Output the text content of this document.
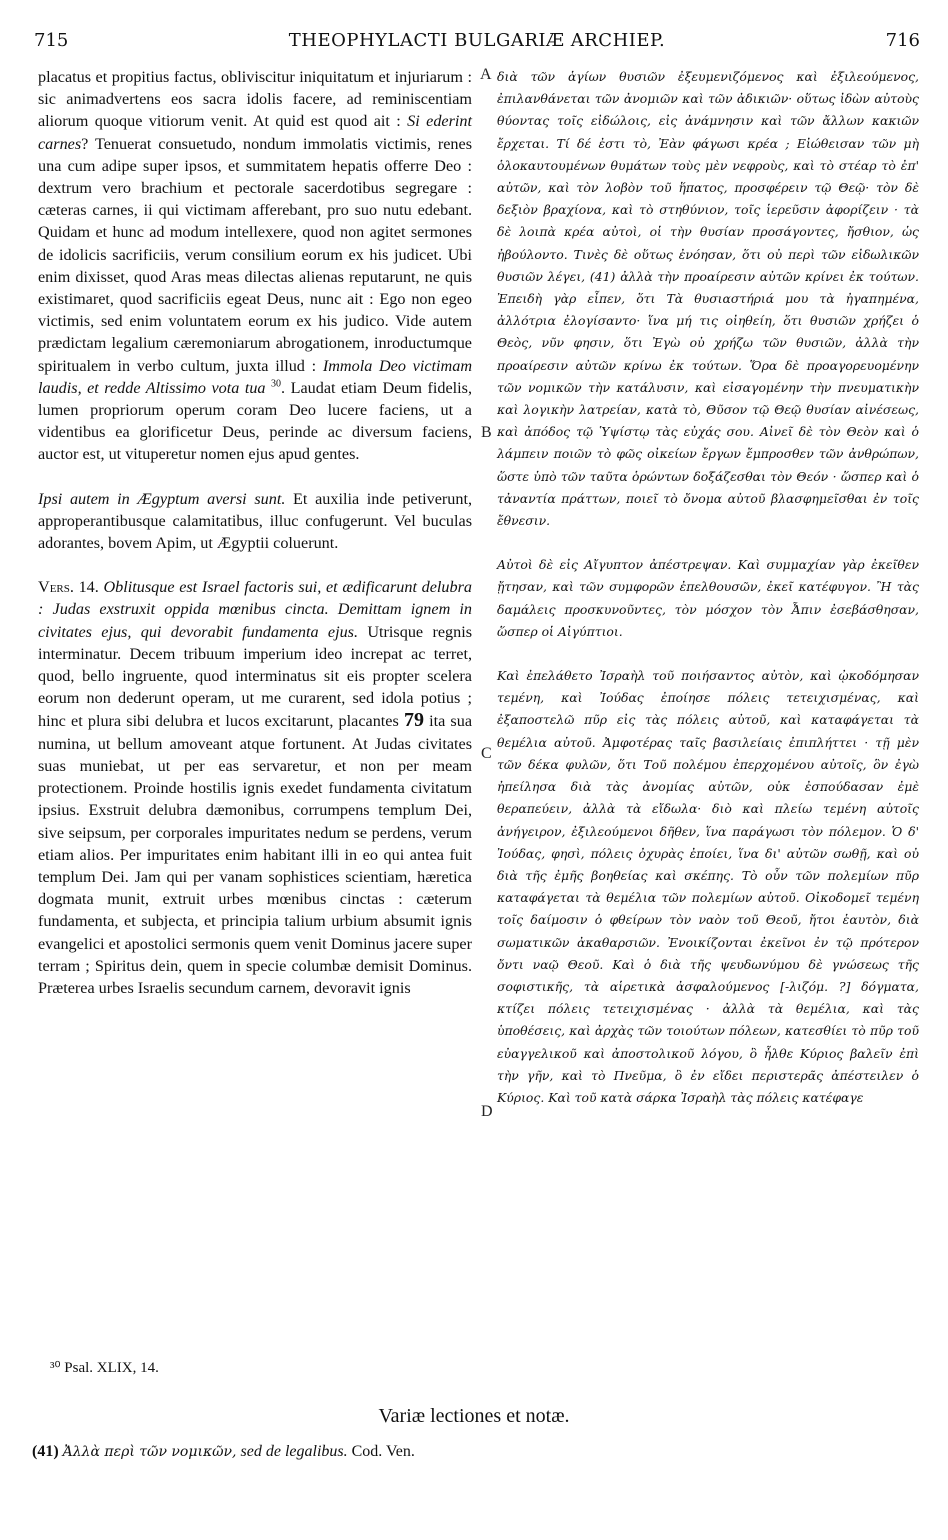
715	THEOPHYLACTI BULGARIÆ ARCHIEP.	716

placatus et propitius factus, obliviscitur iniquitatum et injuriarum : sic animadvertens eos sacra idolis facere, ad reminiscentiam aliorum quoque vitiorum venit. At quid est quod ait : Si ederint carnes? Tenuerat consuetudo, nondum immolatis victimis, renes una cum adipe super ipsos, et summitatem hepatis offerre Deo : dextrum vero brachium et pectorale sacerdotibus segregare : cæteras carnes, ii qui victimam afferebant, pro suo nutu edebant. Quidam et hunc ad modum intellexere, quod non agitet sermones de idolicis sacrificiis, verum consilium eorum ex his judicet. Ubi enim dixisset, quod Aras meas dilectas alienas reputarunt, ne quis existimaret, quod sacrificiis egeat Deus, nunc ait : Ego non egeo victimis, sed enim voluntatem eorum ex his judico. Vide autem prædictam legalium cæremoniarum abrogationem, inroductumque spiritualem in verbo cultum, juxta illud : Immola Deo victimam laudis, et redde Altissimo vota tua $^{30}$. Laudat etiam Deum fidelis, lumen propriorum operum coram Deo lucere faciens, ut a videntibus ea glorificetur Deus, perinde ac diversum faciens, auctor est, ut vituperetur nomen ejus apud gentes.

Ipsi autem in Ægyptum aversi sunt. Et auxilia inde petiverunt, approperantibusque calamitatibus, illuc confugerunt. Vel buculas adorantes, bovem Apim, ut Ægyptii coluerunt.

Vers. 14. Oblitusque est Israel factoris sui, et ædificarunt delubra : Judas exstruxit oppida mœnibus cincta. Demittam ignem in civitates ejus, qui devorabit fundamenta ejus. Utrisque regnis interminatur. Decem tribuum imperium ideo increpat ac terret, quod, bello ingruente, quod interminatus sit eis propter scelera eorum non dederunt operam, ut me curarent, sed idola potius ; hinc et plura sibi delubra et lucos excitarunt, placantes 79 ita sua numina, ut bellum amoveant atque fortunent. At Judas civitates suas muniebat, ut per eas servaretur, et non per meam protectionem. Proinde hostilis ignis exedet fundamenta civitatum ipsius. Exstruit delubra dæmonibus, corrumpens templum Dei, sive seipsum, per corporales impuritates nedum se perdens, verum etiam alios. Per impuritates enim habitant illi in eo qui antea fuit templum Dei. Jam qui per vanam sophistices scientiam, hæretica dogmata munit, extruit urbes mœnibus cinctas : cæterum fundamenta, et subjecta, et principia talium urbium absumit ignis evangelici et apostolici sermonis quem venit Dominus jacere super terram ; Spiritus dein, quem in specie columbæ demisit Dominus. Præterea urbes Israelis secundum carnem, devoravit ignis

A
B
C
D

διὰ τῶν ἁγίων θυσιῶν ἐξευμενιζόμενος καὶ ἐξιλεούμενος, ἐπιλανθάνεται τῶν ἀνομιῶν καὶ τῶν ἀδικιῶν· οὕτως ἰδὼν αὐτοὺς θύοντας τοῖς εἰδώλοις, εἰς ἀνάμνησιν καὶ τῶν ἄλλων κακιῶν ἔρχεται. Τί δέ ἐστι τὸ, Ἐὰν φάγωσι κρέα ; Εἰώθεισαν τῶν μὴ ὁλοκαυτουμένων θυμάτων τοὺς μὲν νεφροὺς, καὶ τὸ στέαρ τὸ ἐπ' αὐτῶν, καὶ τὸν λοβὸν τοῦ ἥπατος, προσφέρειν τῷ Θεῷ· τὸν δὲ δεξιὸν βραχίονα, καὶ τὸ στηθύνιον, τοῖς ἱερεῦσιν ἀφορίζειν · τὰ δὲ λοιπὰ κρέα αὐτοὶ, οἱ τὴν θυσίαν προσάγοντες, ἤσθιον, ὡς ἠβούλοντο. Τινὲς δὲ οὕτως ἐνόησαν, ὅτι οὐ περὶ τῶν εἰδωλικῶν θυσιῶν λέγει, (41) ἀλλὰ τὴν προαίρεσιν αὐτῶν κρίνει ἐκ τούτων. Ἐπειδὴ γὰρ εἶπεν, ὅτι Τὰ θυσιαστήριά μου τὰ ἠγαπημένα, ἀλλότρια ἐλογίσαντο· ἵνα μή τις οἰηθείη, ὅτι θυσιῶν χρήζει ὁ Θεὸς, νῦν φησιν, ὅτι Ἐγὼ οὐ χρήζω τῶν θυσιῶν, ἀλλὰ τὴν προαίρεσιν αὐτῶν κρίνω ἐκ τούτων. Ὅρα δὲ προαγορευομένην τῶν νομικῶν τὴν κατάλυσιν, καὶ εἰσαγομένην τὴν πνευματικὴν καὶ λογικὴν λατρείαν, κατὰ τὸ, Θῦσον τῷ Θεῷ θυσίαν αἰνέσεως, καὶ ἀπόδος τῷ Ὑψίστῳ τὰς εὐχάς σου. Αἰνεῖ δὲ τὸν Θεὸν καὶ ὁ λάμπειν ποιῶν τὸ φῶς οἰκείων ἔργων ἔμπροσθεν τῶν ἀνθρώπων, ὥστε ὑπὸ τῶν ταῦτα ὁρώντων δοξάζεσθαι τὸν Θεόν · ὥσπερ καὶ ὁ τἀναντία πράττων, ποιεῖ τὸ ὄνομα αὐτοῦ βλασφημεῖσθαι ἐν τοῖς ἔθνεσιν.

Αὐτοὶ δὲ εἰς Αἴγυπτον ἀπέστρεψαν. Καὶ συμμαχίαν γὰρ ἐκεῖθεν ᾔτησαν, καὶ τῶν συμφορῶν ἐπελθουσῶν, ἐκεῖ κατέφυγον. Ἢ τὰς δαμάλεις προσκυνοῦντες, τὸν μόσχον τὸν Ἆπιν ἐσεβάσθησαν, ὥσπερ οἱ Αἰγύπτιοι.

Καὶ ἐπελάθετο Ἰσραὴλ τοῦ ποιήσαντος αὐτὸν, καὶ ᾠκοδόμησαν τεμένη, καὶ Ἰούδας ἐποίησε πόλεις τετειχισμένας, καὶ ἐξαποστελῶ πῦρ εἰς τὰς πόλεις αὐτοῦ, καὶ καταφάγεται τὰ θεμέλια αὐτοῦ. Ἀμφοτέρας ταῖς βασιλείαις ἐπιπλήττει · τῇ μὲν τῶν δέκα φυλῶν, ὅτι Τοῦ πολέμου ἐπερχομένου αὐτοῖς, ὃν ἐγὼ ἠπείλησα διὰ τὰς ἀνομίας αὐτῶν, οὐκ ἐσπούδασαν ἐμὲ θεραπεύειν, ἀλλὰ τὰ εἴδωλα· διὸ καὶ πλείω τεμένη αὐτοῖς ἀνήγειρον, ἐξιλεούμενοι δῆθεν, ἵνα παράγωσι τὸν πόλεμον. Ὁ δ' Ἰούδας, φησὶ, πόλεις ὀχυρὰς ἐποίει, ἵνα δι' αὐτῶν σωθῇ, καὶ οὐ διὰ τῆς ἐμῆς βοηθείας καὶ σκέπης. Τὸ οὖν τῶν πολεμίων πῦρ καταφάγεται τὰ θεμέλια τῶν πολεμίων αὐτοῦ. Οἰκοδομεῖ τεμένη τοῖς δαίμοσιν ὁ φθείρων τὸν ναὸν τοῦ Θεοῦ, ἤτοι ἑαυτὸν, διὰ σωματικῶν ἀκαθαρσιῶν. Ἐνοικίζονται ἐκεῖνοι ἐν τῷ πρότερον ὄντι ναῷ Θεοῦ. Καὶ ὁ διὰ τῆς ψευδωνύμου δὲ γνώσεως τῆς σοφιστικῆς, τὰ αἱρετικὰ ἀσφαλούμενος [-λιζόμ. ?] δόγματα, κτίζει πόλεις τετειχισμένας · ἀλλὰ τὰ θεμέλια, καὶ τὰς ὑποθέσεις, καὶ ἀρχὰς τῶν τοιούτων πόλεων, κατεσθίει τὸ πῦρ τοῦ εὐαγγελικοῦ καὶ ἀποστολικοῦ λόγου, ὃ ἦλθε Κύριος βαλεῖν ἐπὶ τὴν γῆν, καὶ τὸ Πνεῦμα, ὃ ἐν εἴδει περιστερᾶς ἀπέστειλεν ὁ Κύριος. Καὶ τοῦ κατὰ σάρκα Ἰσραὴλ τὰς πόλεις κατέφαγε

³⁰ Psal. XLIX, 14.
Variæ lectiones et notæ.
(41) Ἀλλὰ περὶ τῶν νομικῶν, sed de legalibus. Cod. Ven.
